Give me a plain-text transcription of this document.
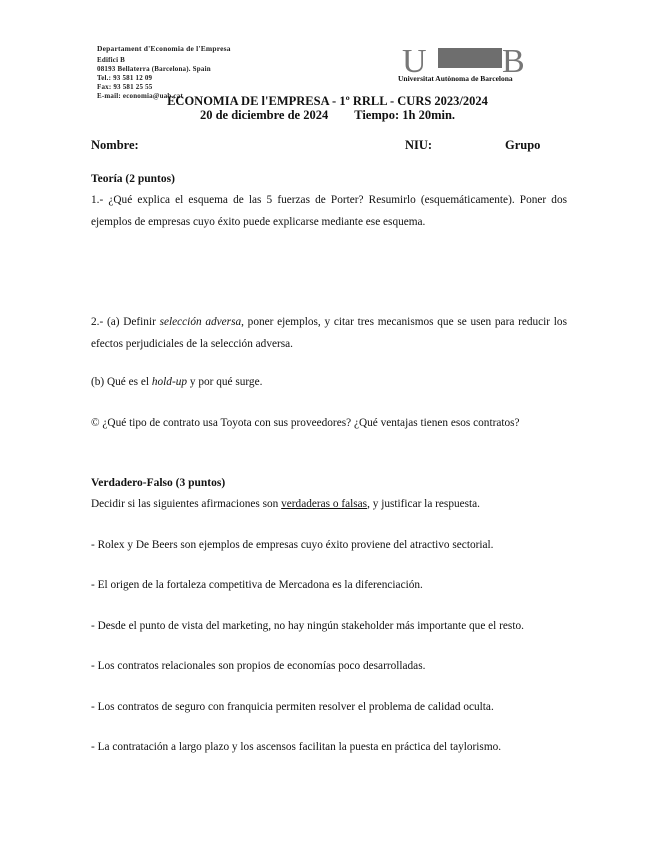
Departament d'Economia de l'Empresa
Edifici B
08193 Bellaterra (Barcelona). Spain
Tel.: 93 581 12 09
Fax: 93 581 25 55
E-mail: economia@uab.cat
U B
Universitat Autònoma de Barcelona
ECONOMIA DE l'EMPRESA - 1º RRLL - CURS 2023/2024
20 de diciembre de 2024 Tiempo: 1h 20min.
Nombre:	NIU:	Grupo
Teoría (2 puntos)
1.- ¿Qué explica el esquema de las 5 fuerzas de Porter? Resumirlo (esquemáticamente). Poner dos ejemplos de empresas cuyo éxito puede explicarse mediante ese esquema.
2.- (a) Definir selección adversa, poner ejemplos, y citar tres mecanismos que se usen para reducir los efectos perjudiciales de la selección adversa.
(b) Qué es el hold-up y por qué surge.
© ¿Qué tipo de contrato usa Toyota con sus proveedores? ¿Qué ventajas tienen esos contratos?
Verdadero-Falso (3 puntos)
Decidir si las siguientes afirmaciones son verdaderas o falsas, y justificar la respuesta.
- Rolex y De Beers son ejemplos de empresas cuyo éxito proviene del atractivo sectorial.
- El origen de la fortaleza competitiva de Mercadona es la diferenciación.
- Desde el punto de vista del marketing, no hay ningún stakeholder más importante que el resto.
- Los contratos relacionales son propios de economías poco desarrolladas.
- Los contratos de seguro con franquicia permiten resolver el problema de calidad oculta.
- La contratación a largo plazo y los ascensos facilitan la puesta en práctica del taylorismo.
